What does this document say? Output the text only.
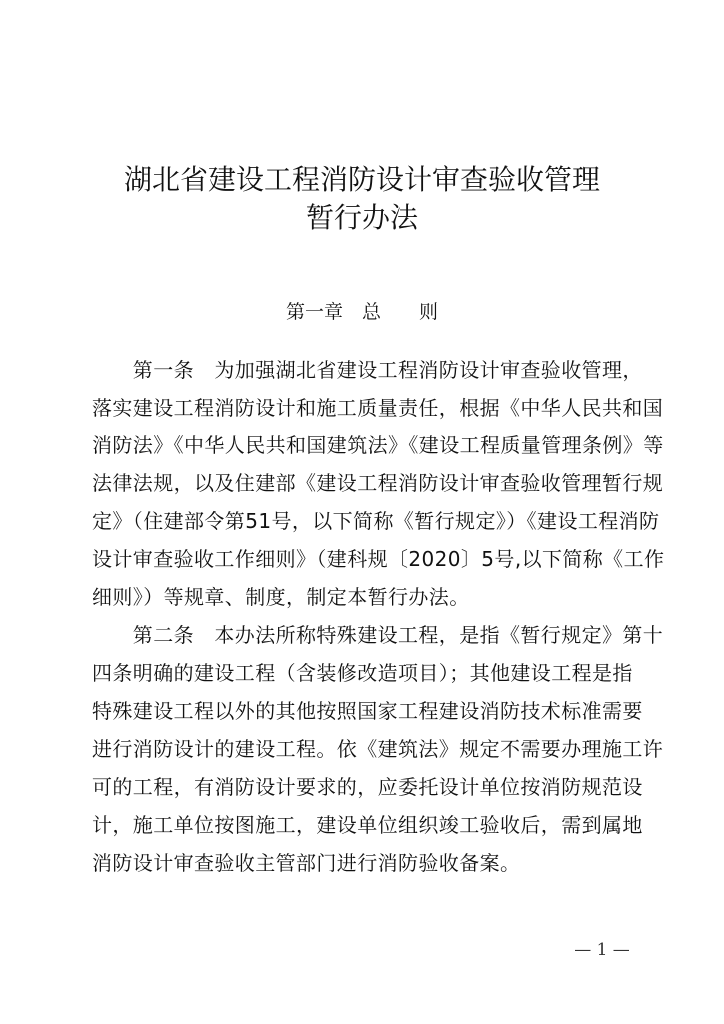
湖北省建设工程消防设计审查验收管理
暂行办法
第一章　总　　则
　　第一条　为加强湖北省建设工程消防设计审查验收管理，
落实建设工程消防设计和施工质量责任，根据《中华人民共和国
消防法》《中华人民共和国建筑法》《建设工程质量管理条例》等
法律法规，以及住建部《建设工程消防设计审查验收管理暂行规
定》（住建部令第51号，以下简称《暂行规定》）《建设工程消防
设计审查验收工作细则》（建科规〔2020〕5号,以下简称《工作
细则》）等规章、制度，制定本暂行办法。
　　第二条　本办法所称特殊建设工程，是指《暂行规定》第十
四条明确的建设工程（含装修改造项目）；其他建设工程是指
特殊建设工程以外的其他按照国家工程建设消防技术标准需要
进行消防设计的建设工程。依《建筑法》规定不需要办理施工许
可的工程，有消防设计要求的，应委托设计单位按消防规范设
计，施工单位按图施工，建设单位组织竣工验收后，需到属地
消防设计审查验收主管部门进行消防验收备案。
— 1 —
